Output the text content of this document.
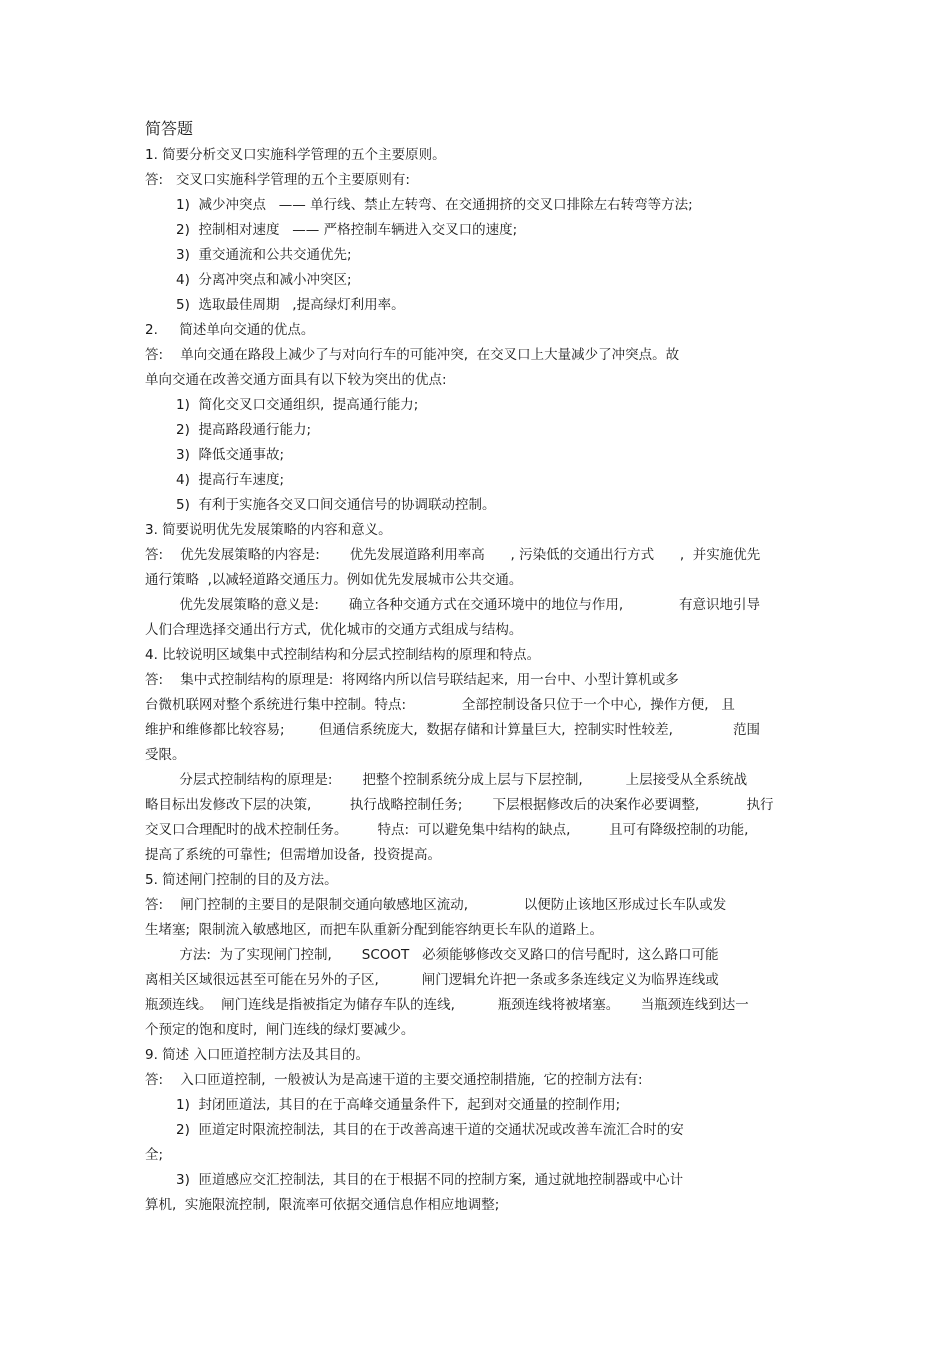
简答题
1. 简要分析交叉口实施科学管理的五个主要原则。
答:   交叉口实施科学管理的五个主要原则有:
1)  减少冲突点   —— 单行线、禁止左转弯、在交通拥挤的交叉口排除左右转弯等方法;
2)  控制相对速度   —— 严格控制车辆进入交叉口的速度;
3)  重交通流和公共交通优先;
4)  分离冲突点和减小冲突区;
5)  选取最佳周期   ,提高绿灯利用率。
2.     简述单向交通的优点。
答:    单向交通在路段上减少了与对向行车的可能冲突,  在交叉口上大量减少了冲突点。故
单向交通在改善交通方面具有以下较为突出的优点:
1)  简化交叉口交通组织,  提高通行能力;
2)  提高路段通行能力;
3)  降低交通事故;
4)  提高行车速度;
5)  有利于实施各交叉口间交通信号的协调联动控制。
3. 简要说明优先发展策略的内容和意义。
答:    优先发展策略的内容是:       优先发展道路利用率高      , 污染低的交通出行方式      ,  并实施优先
通行策略  ,以减轻道路交通压力。例如优先发展城市公共交通。
优先发展策略的意义是:       确立各种交通方式在交通环境中的地位与作用,             有意识地引导
人们合理选择交通出行方式,  优化城市的交通方式组成与结构。
4. 比较说明区域集中式控制结构和分层式控制结构的原理和特点。
答:    集中式控制结构的原理是:  将网络内所以信号联结起来,  用一台中、小型计算机或多
台微机联网对整个系统进行集中控制。特点:             全部控制设备只位于一个中心,  操作方便,   且
维护和维修都比较容易;        但通信系统庞大,  数据存储和计算量巨大,  控制实时性较差,              范围
受限。
分层式控制结构的原理是:       把整个控制系统分成上层与下层控制,          上层接受从全系统战
略目标出发修改下层的决策,         执行战略控制任务;       下层根据修改后的决案作必要调整,           执行
交叉口合理配时的战术控制任务。       特点:  可以避免集中结构的缺点,         且可有降级控制的功能,
提高了系统的可靠性;  但需增加设备,  投资提高。
5. 简述闸门控制的目的及方法。
答:    闸门控制的主要目的是限制交通向敏感地区流动,             以便防止该地区形成过长车队或发
生堵塞;  限制流入敏感地区,  而把车队重新分配到能容纳更长车队的道路上。
方法:  为了实现闸门控制,       SCOOT   必须能够修改交叉路口的信号配时,  这么路口可能
离相关区域很远甚至可能在另外的子区,          闸门逻辑允许把一条或多条连线定义为临界连线或
瓶颈连线。  闸门连线是指被指定为储存车队的连线,          瓶颈连线将被堵塞。     当瓶颈连线到达一
个预定的饱和度时,  闸门连线的绿灯要减少。
9. 简述 入口匝道控制方法及其目的。
答:    入口匝道控制,  一般被认为是高速干道的主要交通控制措施,  它的控制方法有:
1)  封闭匝道法,  其目的在于高峰交通量条件下,  起到对交通量的控制作用;
2)  匝道定时限流控制法,  其目的在于改善高速干道的交通状况或改善车流汇合时的安
全;
3)  匝道感应交汇控制法,  其目的在于根据不同的控制方案,  通过就地控制器或中心计
算机,  实施限流控制,  限流率可依据交通信息作相应地调整;
